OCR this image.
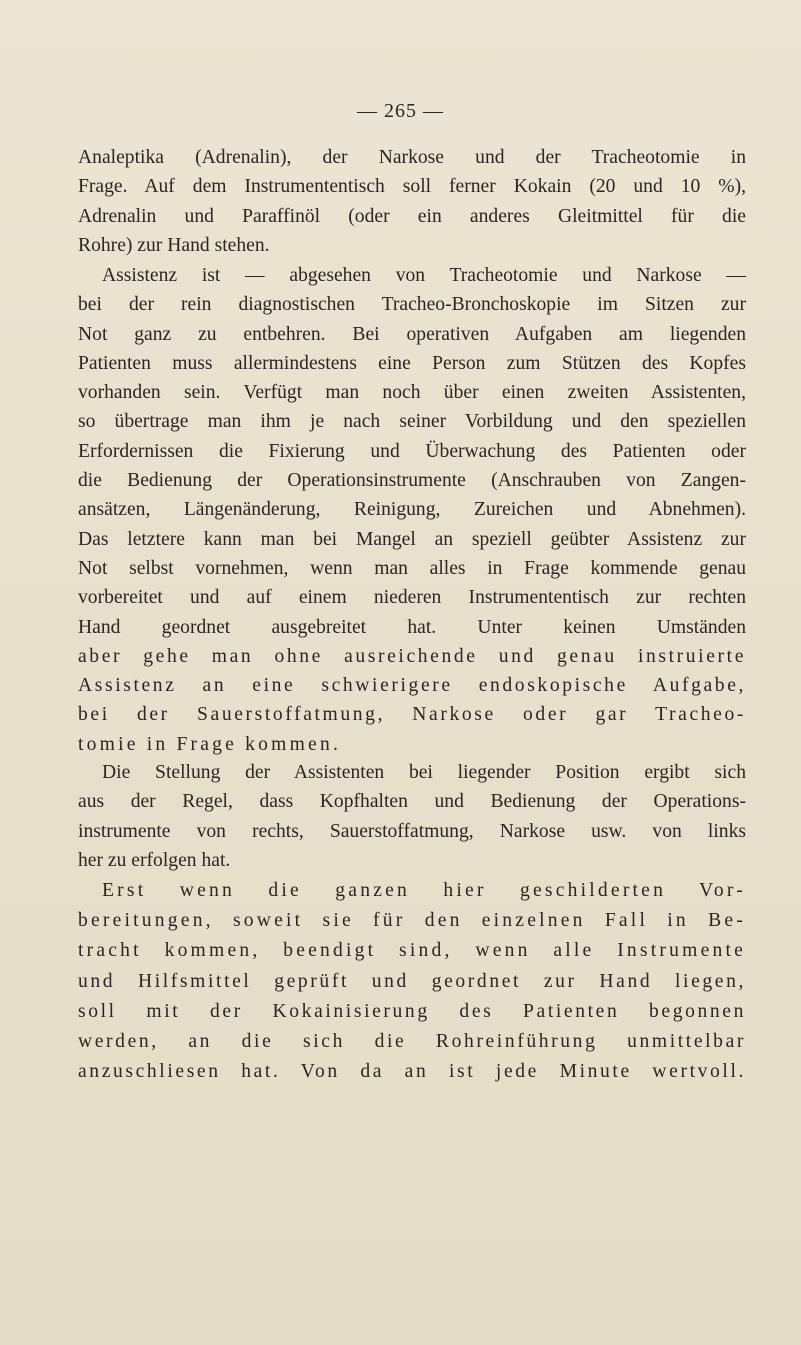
— 265 —
Analeptika (Adrenalin), der Narkose und der Tracheotomie in
Frage. Auf dem Instrumententisch soll ferner Kokain (20 und 10 %),
Adrenalin und Paraffinöl (oder ein anderes Gleitmittel für die
Rohre) zur Hand stehen.
Assistenz ist — abgesehen von Tracheotomie und Narkose —
bei der rein diagnostischen Tracheo-Bronchoskopie im Sitzen zur
Not ganz zu entbehren. Bei operativen Aufgaben am liegenden
Patienten muss allermindestens eine Person zum Stützen des Kopfes
vorhanden sein. Verfügt man noch über einen zweiten Assistenten,
so übertrage man ihm je nach seiner Vorbildung und den speziellen
Erfordernissen die Fixierung und Überwachung des Patienten oder
die Bedienung der Operationsinstrumente (Anschrauben von Zangen-
ansätzen, Längenänderung, Reinigung, Zureichen und Abnehmen).
Das letztere kann man bei Mangel an speziell geübter Assistenz zur
Not selbst vornehmen, wenn man alles in Frage kommende genau
vorbereitet und auf einem niederen Instrumententisch zur rechten
Hand geordnet ausgebreitet hat. Unter keinen Umständen
aber gehe man ohne ausreichende und genau instruierte
Assistenz an eine schwierigere endoskopische Aufgabe,
bei der Sauerstoffatmung, Narkose oder gar Tracheo-
tomie in Frage kommen.
Die Stellung der Assistenten bei liegender Position ergibt sich
aus der Regel, dass Kopfhalten und Bedienung der Operations-
instrumente von rechts, Sauerstoffatmung, Narkose usw. von links
her zu erfolgen hat.
Erst wenn die ganzen hier geschilderten Vor-
bereitungen, soweit sie für den einzelnen Fall in Be-
tracht kommen, beendigt sind, wenn alle Instrumente
und Hilfsmittel geprüft und geordnet zur Hand liegen,
soll mit der Kokainisierung des Patienten begonnen
werden, an die sich die Rohreinführung unmittelbar
anzuschliesen hat. Von da an ist jede Minute wertvoll.
